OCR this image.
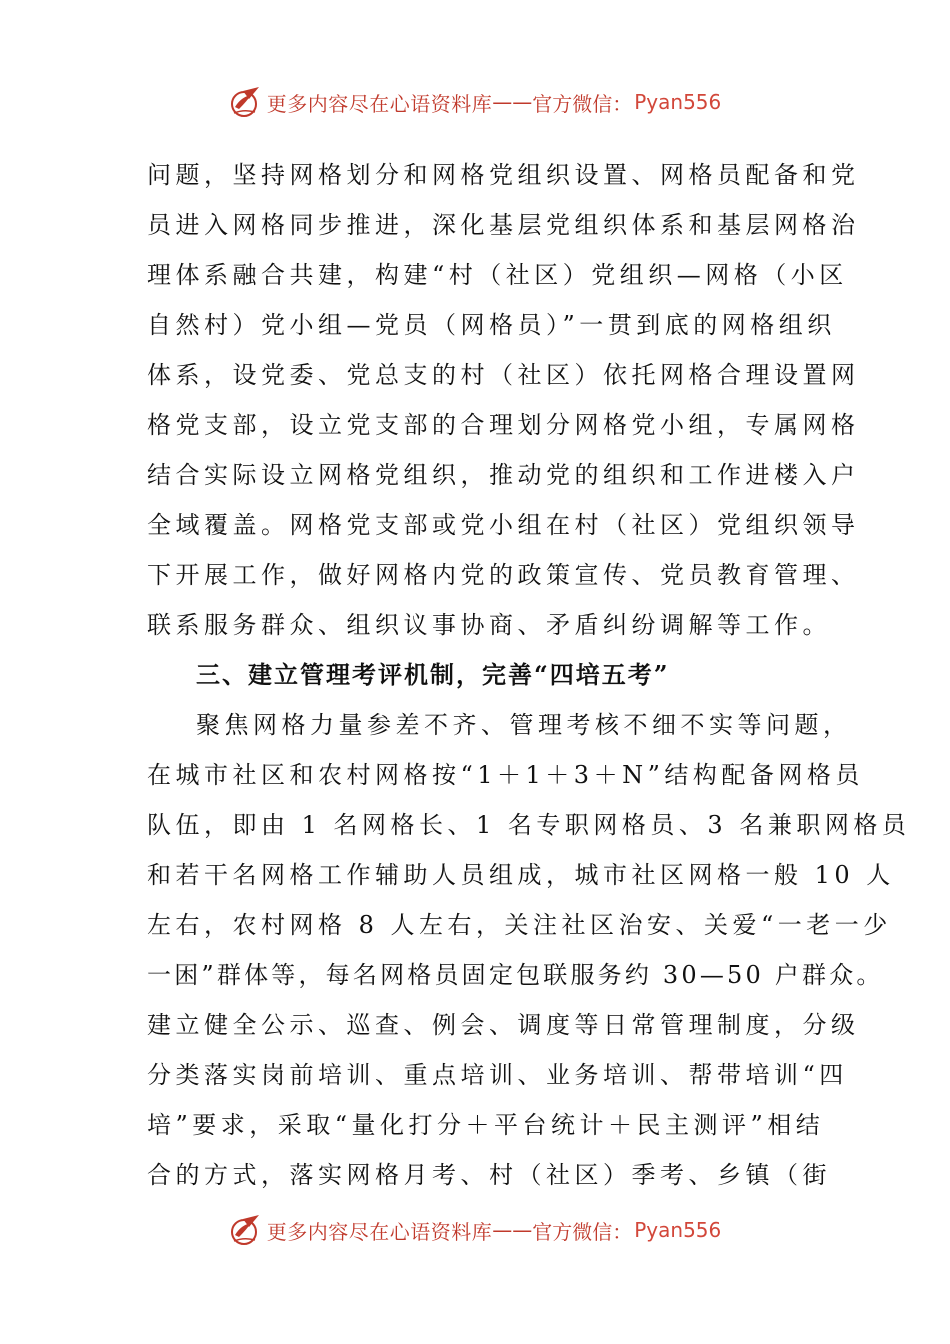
更多内容尽在心语资料库 —— 官方微信： Pyan556
问题，坚持网格划分和网格党组织设置、网格员配备和党
员进入网格同步推进，深化基层党组织体系和基层网格治
理体系融合共建，构建“村（社区）党组织—网格（小区
自然村）党小组—党员（网格员）”一贯到底的网格组织
体系，设党委、党总支的村（社区）依托网格合理设置网
格党支部，设立党支部的合理划分网格党小组，专属网格
结合实际设立网格党组织，推动党的组织和工作进楼入户
全域覆盖。网格党支部或党小组在村（社区）党组织领导
下开展工作，做好网格内党的政策宣传、党员教育管理、
联系服务群众、组织议事协商、矛盾纠纷调解等工作。
三、建立管理考评机制，完善“四培五考”
聚焦网格力量参差不齐、管理考核不细不实等问题，
在城市社区和农村网格按“1＋1＋3＋N”结构配备网格员
队伍，即由 1 名网格长、1 名专职网格员、3 名兼职网格员
和若干名网格工作辅助人员组成，城市社区网格一般 10 人
左右，农村网格 8 人左右，关注社区治安、关爱“一老一少
一困”群体等，每名网格员固定包联服务约 30—50 户群众。
建立健全公示、巡查、例会、调度等日常管理制度，分级
分类落实岗前培训、重点培训、业务培训、帮带培训“四
培”要求，采取“量化打分＋平台统计＋民主测评”相结
合的方式，落实网格月考、村（社区）季考、乡镇（街
更多内容尽在心语资料库 —— 官方微信： Pyan556
